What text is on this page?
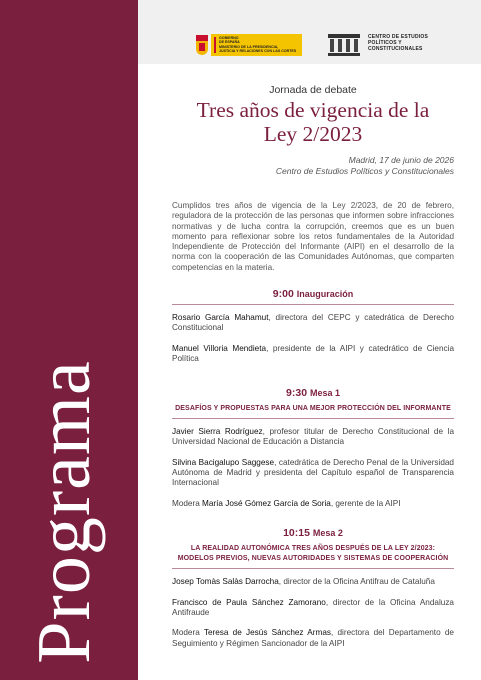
Programa
GOBIERNO
DE ESPAÑA
MINISTERIO DE LA PRESIDENCIA,
JUSTICIA Y RELACIONES CON LAS CORTES
CENTRO DE ESTUDIOS
POLÍTICOS Y
CONSTITUCIONALES
Jornada de debate
Tres años de vigencia de la
Ley 2/2023
Madrid, 17 de junio de 2026
Centro de Estudios Políticos y Constitucionales

Cumplidos tres años de vigencia de la Ley 2/2023, de 20 de febrero, reguladora de la protección de las personas que informen sobre infracciones normativas y de lucha contra la corrupción, creemos que es un buen momento para reflexionar sobre los retos fundamentales de la Autoridad Independiente de Protección del Informante (AIPI) en el desarrollo de la norma con la cooperación de las Comunidades Autónomas, que comparten competencias en la materia.

9:00 Inauguración

Rosario García Mahamut, directora del CEPC y catedrática de Derecho Constitucional

Manuel Villoria Mendieta, presidente de la AIPI y catedrático de Ciencia Política

9:30 Mesa 1
DESAFÍOS Y PROPUESTAS PARA UNA MEJOR PROTECCIÓN DEL INFORMANTE

Javier Sierra Rodríguez, profesor titular de Derecho Constitucional de la Universidad Nacional de Educación a Distancia

Silvina Bacigalupo Saggese, catedrática de Derecho Penal de la Universidad Autónoma de Madrid y presidenta del Capítulo español de Transparencia Internacional

Modera María José Gómez García de Soria, gerente de la AIPI

10:15 Mesa 2
LA REALIDAD AUTONÓMICA TRES AÑOS DESPUÉS DE LA LEY 2/2023: MODELOS PREVIOS, NUEVAS AUTORIDADES Y SISTEMAS DE COOPERACIÓN

Josep Tomàs Salàs Darrocha, director de la Oficina Antifrau de Cataluña

Francisco de Paula Sánchez Zamorano, director de la Oficina Andaluza Antifraude

Modera Teresa de Jesús Sánchez Armas, directora del Departamento de Seguimiento y Régimen Sancionador de la AIPI
